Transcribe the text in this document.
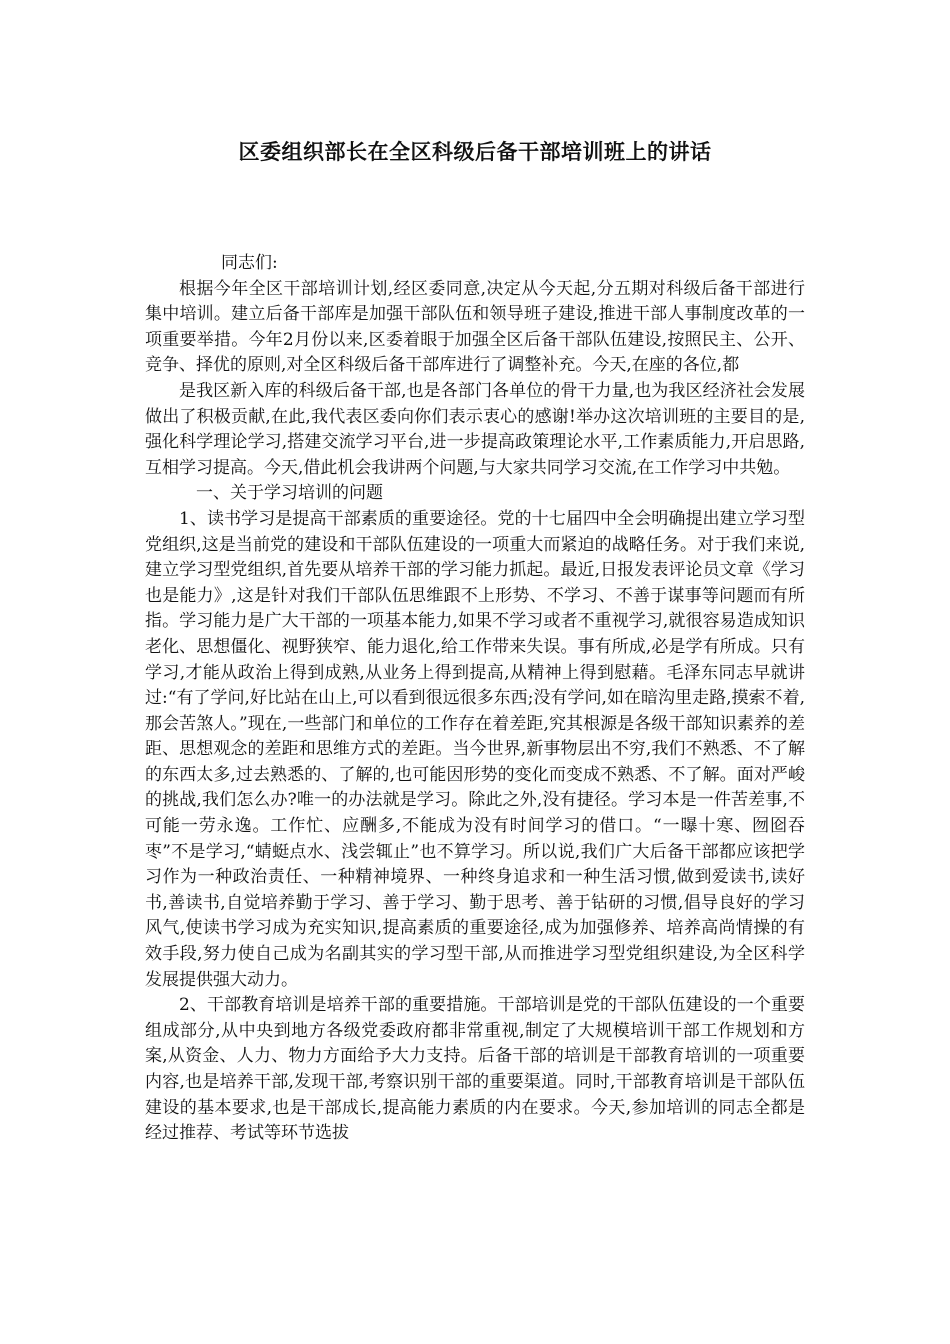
区委组织部长在全区科级后备干部培训班上的讲话

同志们:

根据今年全区干部培训计划,经区委同意,决定从今天起,分五期对科级后备干部进行集中培训。建立后备干部库是加强干部队伍和领导班子建设,推进干部人事制度改革的一项重要举措。今年2月份以来,区委着眼于加强全区后备干部队伍建设,按照民主、公开、竞争、择优的原则,对全区科级后备干部库进行了调整补充。今天,在座的各位,都

是我区新入库的科级后备干部,也是各部门各单位的骨干力量,也为我区经济社会发展做出了积极贡献,在此,我代表区委向你们表示衷心的感谢!举办这次培训班的主要目的是,强化科学理论学习,搭建交流学习平台,进一步提高政策理论水平,工作素质能力,开启思路,互相学习提高。今天,借此机会我讲两个问题,与大家共同学习交流,在工作学习中共勉。

一、关于学习培训的问题

1、读书学习是提高干部素质的重要途径。党的十七届四中全会明确提出建立学习型党组织,这是当前党的建设和干部队伍建设的一项重大而紧迫的战略任务。对于我们来说,建立学习型党组织,首先要从培养干部的学习能力抓起。最近,日报发表评论员文章《学习也是能力》,这是针对我们干部队伍思维跟不上形势、不学习、不善于谋事等问题而有所指。学习能力是广大干部的一项基本能力,如果不学习或者不重视学习,就很容易造成知识老化、思想僵化、视野狭窄、能力退化,给工作带来失误。事有所成,必是学有所成。只有学习,才能从政治上得到成熟,从业务上得到提高,从精神上得到慰藉。毛泽东同志早就讲过:“有了学问,好比站在山上,可以看到很远很多东西;没有学问,如在暗沟里走路,摸索不着,那会苦煞人。”现在,一些部门和单位的工作存在着差距,究其根源是各级干部知识素养的差距、思想观念的差距和思维方式的差距。当今世界,新事物层出不穷,我们不熟悉、不了解的东西太多,过去熟悉的、了解的,也可能因形势的变化而变成不熟悉、不了解。面对严峻的挑战,我们怎么办?唯一的办法就是学习。除此之外,没有捷径。学习本是一件苦差事,不可能一劳永逸。工作忙、应酬多,不能成为没有时间学习的借口。“一曝十寒、囫囵吞枣”不是学习,“蜻蜓点水、浅尝辄止”也不算学习。所以说,我们广大后备干部都应该把学习作为一种政治责任、一种精神境界、一种终身追求和一种生活习惯,做到爱读书,读好书,善读书,自觉培养勤于学习、善于学习、勤于思考、善于钻研的习惯,倡导良好的学习风气,使读书学习成为充实知识,提高素质的重要途径,成为加强修养、培养高尚情操的有效手段,努力使自己成为名副其实的学习型干部,从而推进学习型党组织建设,为全区科学发展提供强大动力。

2、干部教育培训是培养干部的重要措施。干部培训是党的干部队伍建设的一个重要组成部分,从中央到地方各级党委政府都非常重视,制定了大规模培训干部工作规划和方案,从资金、人力、物力方面给予大力支持。后备干部的培训是干部教育培训的一项重要内容,也是培养干部,发现干部,考察识别干部的重要渠道。同时,干部教育培训是干部队伍建设的基本要求,也是干部成长,提高能力素质的内在要求。今天,参加培训的同志全都是经过推荐、考试等环节选拔
